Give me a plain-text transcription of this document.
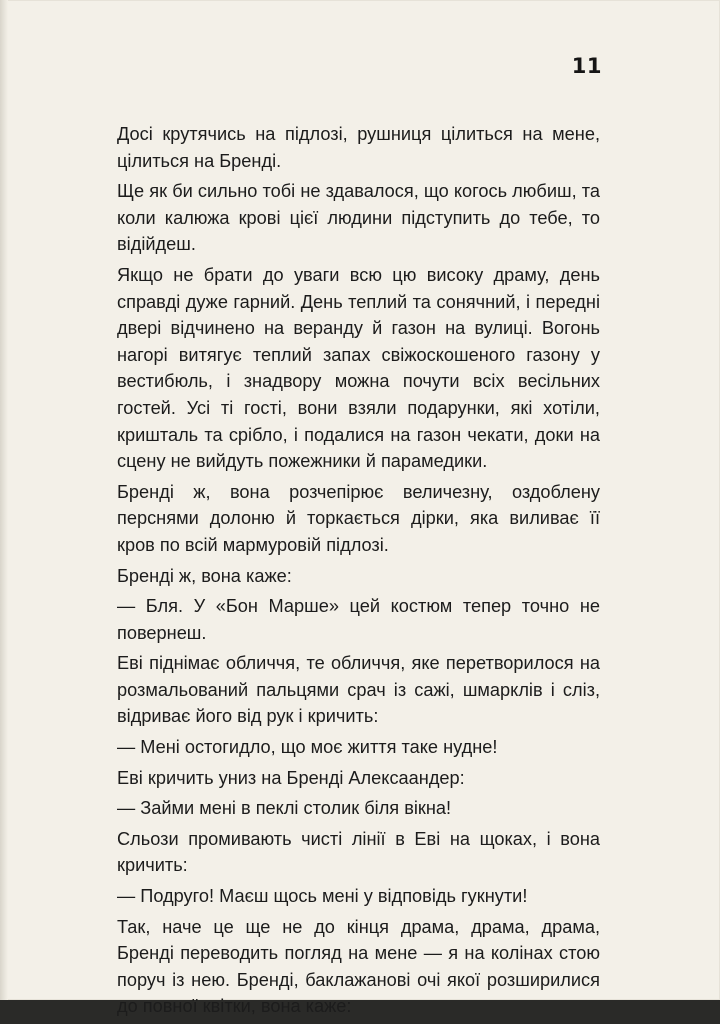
11

Досі крутячись на підлозі, рушниця цілиться на мене, цілиться на Бренді.

Ще як би сильно тобі не здавалося, що когось любиш, та коли калюжа крові цієї людини підступить до тебе, то відійдеш.

Якщо не брати до уваги всю цю високу драму, день справді дуже гарний. День теплий та сонячний, і передні двері відчинено на веранду й газон на вулиці. Вогонь нагорі витягує теплий запах свіжоскошеного газону у вестибюль, і знадвору можна почути всіх весільних гостей. Усі ті гості, вони взяли подарунки, які хотіли, кришталь та срібло, і подалися на газон чекати, доки на сцену не вийдуть пожежники й парамедики.

Бренді ж, вона розчепірює величезну, оздоблену перснями долоню й торкається дірки, яка виливає її кров по всій мармуровій підлозі.

Бренді ж, вона каже:

— Бля. У «Бон Марше» цей костюм тепер точно не повернеш.

Еві піднімає обличчя, те обличчя, яке перетворилося на розмальований пальцями срач із сажі, шмарклів і сліз, відриває його від рук і кричить:

— Мені остогидло, що моє життя таке нудне!

Еві кричить униз на Бренді Алексаандер:

— Займи мені в пеклі столик біля вікна!

Сльози промивають чисті лінії в Еві на щоках, і вона кричить:

— Подруго! Маєш щось мені у відповідь гукнути!

Так, наче це ще не до кінця драма, драма, драма, Бренді переводить погляд на мене — я на колінах стою поруч із нею. Бренді, баклажанові очі якої розширилися до повної квітки, вона каже:
